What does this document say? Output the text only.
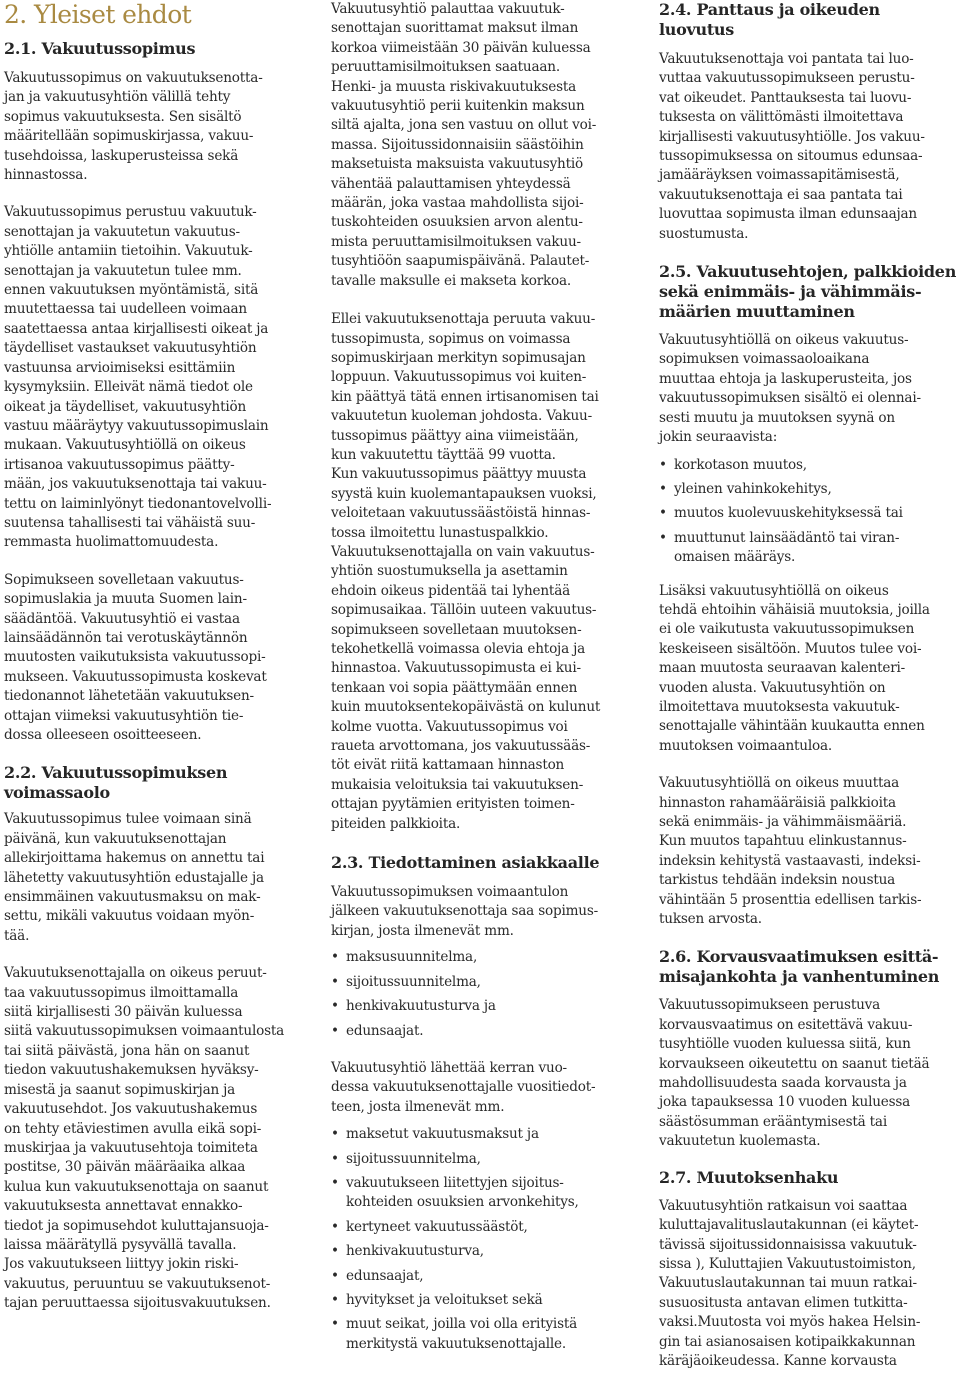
2. Yleiset ehdot
2.1. Vakuutussopimus

Vakuutussopimus on vakuutuksenotta-
jan ja vakuutusyhtiön välillä tehty
sopimus vakuutuksesta. Sen sisältö
määritellään sopimuskirjassa, vakuu-
tusehdoissa, laskuperusteissa sekä
hinnastossa.

Vakuutussopimus perustuu vakuutuk-
senottajan ja vakuutetun vakuutus-
yhtiölle antamiin tietoihin. Vakuutuk-
senottajan ja vakuutetun tulee mm.
ennen vakuutuksen myöntämistä, sitä
muutettaessa tai uudelleen voimaan
saatettaessa antaa kirjallisesti oikeat ja
täydelliset vastaukset vakuutusyhtiön
vastuunsa arvioimiseksi esittämiin
kysymyksiin. Elleivät nämä tiedot ole
oikeat ja täydelliset, vakuutusyhtiön
vastuu määräytyy vakuutussopimuslain
mukaan. Vakuutusyhtiöllä on oikeus
irtisanoa vakuutussopimus päätty-
mään, jos vakuutuksenottaja tai vakuu-
tettu on laiminlyönyt tiedonantovelvolli-
suutensa tahallisesti tai vähäistä suu-
remmasta huolimattomuudesta.

Sopimukseen sovelletaan vakuutus-
sopimuslakia ja muuta Suomen lain-
säädäntöä. Vakuutusyhtiö ei vastaa
lainsäädännön tai verotuskäytännön
muutosten vaikutuksista vakuutussopi-
mukseen. Vakuutussopimusta koskevat
tiedonannot lähetetään vakuutuksen-
ottajan viimeksi vakuutusyhtiön tie-
dossa olleeseen osoitteeseen.

2.2. Vakuutussopimuksen
voimassaolo

Vakuutussopimus tulee voimaan sinä
päivänä, kun vakuutuksenottajan
allekirjoittama hakemus on annettu tai
lähetetty vakuutusyhtiön edustajalle ja
ensimmäinen vakuutusmaksu on mak-
settu, mikäli vakuutus voidaan myön-
tää.

Vakuutuksenottajalla on oikeus peruut-
taa vakuutussopimus ilmoittamalla
siitä kirjallisesti 30 päivän kuluessa
siitä vakuutussopimuksen voimaantulosta
tai siitä päivästä, jona hän on saanut
tiedon vakuutushakemuksen hyväksy-
misestä ja saanut sopimuskirjan ja
vakuutusehdot. Jos vakuutushakemus
on tehty etäviestimen avulla eikä sopi-
muskirjaa ja vakuutusehtoja toimiteta
postitse, 30 päivän määräaika alkaa
kulua kun vakuutuksenottaja on saanut
vakuutuksesta annettavat ennakko-
tiedot ja sopimusehdot kuluttajansuoja-
laissa määrätyllä pysyvällä tavalla.
Jos vakuutukseen liittyy jokin riski-
vakuutus, peruuntuu se vakuutuksenot-
tajan peruuttaessa sijoitusvakuutuksen.

Vakuutusyhtiö palauttaa vakuutuk-
senottajan suorittamat maksut ilman
korkoa viimeistään 30 päivän kuluessa
peruuttamisilmoituksen saatuaan.
Henki- ja muusta riskivakuutuksesta
vakuutusyhtiö perii kuitenkin maksun
siltä ajalta, jona sen vastuu on ollut voi-
massa. Sijoitussidonnaisiin säästöihin
maksetuista maksuista vakuutusyhtiö
vähentää palauttamisen yhteydessä
määrän, joka vastaa mahdollista sijoi-
tuskohteiden osuuksien arvon alentu-
mista peruuttamisilmoituksen vakuu-
tusyhtiöön saapumispäivänä. Palautet-
tavalle maksulle ei makseta korkoa.

Ellei vakuutuksenottaja peruuta vakuu-
tussopimusta, sopimus on voimassa
sopimuskirjaan merkityn sopimusajan
loppuun. Vakuutussopimus voi kuiten-
kin päättyä tätä ennen irtisanomisen tai
vakuutetun kuoleman johdosta. Vakuu-
tussopimus päättyy aina viimeistään,
kun vakuutettu täyttää 99 vuotta.
Kun vakuutussopimus päättyy muusta
syystä kuin kuolemantapauksen vuoksi,
veloitetaan vakuutussäästöistä hinnas-
tossa ilmoitettu lunastuspalkkio.
Vakuutuksenottajalla on vain vakuutus-
yhtiön suostumuksella ja asettamin
ehdoin oikeus pidentää tai lyhentää
sopimusaikaa. Tällöin uuteen vakuutus-
sopimukseen sovelletaan muutoksen-
tekohetkellä voimassa olevia ehtoja ja
hinnastoa. Vakuutussopimusta ei kui-
tenkaan voi sopia päättymään ennen
kuin muutoksentekopäivästä on kulunut
kolme vuotta. Vakuutussopimus voi
raueta arvottomana, jos vakuutussääs-
töt eivät riitä kattamaan hinnaston
mukaisia veloituksia tai vakuutuksen-
ottajan pyytämien erityisten toimen-
piteiden palkkioita.

2.3. Tiedottaminen asiakkaalle

Vakuutussopimuksen voimaantulon
jälkeen vakuutuksenottaja saa sopimus-
kirjan, josta ilmenevät mm.

• maksusuunnitelma,
• sijoitussuunnitelma,
• henkivakuutusturva ja
• edunsaajat.

Vakuutusyhtiö lähettää kerran vuo-
dessa vakuutuksenottajalle vuositiedot-
teen, josta ilmenevät mm.

• maksetut vakuutusmaksut ja
• sijoitussuunnitelma,
• vakuutukseen liitettyjen sijoitus-
kohteiden osuuksien arvonkehitys,
• kertyneet vakuutussäästöt,
• henkivakuutusturva,
• edunsaajat,
• hyvitykset ja veloitukset sekä
• muut seikat, joilla voi olla erityistä
merkitystä vakuutuksenottajalle.
2.4. Panttaus ja oikeuden
luovutus

Vakuutuksenottaja voi pantata tai luo-
vuttaa vakuutussopimukseen perustu-
vat oikeudet. Panttauksesta tai luovu-
tuksesta on välittömästi ilmoitettava
kirjallisesti vakuutusyhtiölle. Jos vakuu-
tussopimuksessa on sitoumus edunsaa-
jamääräyksen voimassapitämisestä,
vakuutuksenottaja ei saa pantata tai
luovuttaa sopimusta ilman edunsaajan
suostumusta.

2.5. Vakuutusehtojen, palkkioiden
sekä enimmäis- ja vähimmäis-
määrien muuttaminen

Vakuutusyhtiöllä on oikeus vakuutus-
sopimuksen voimassaoloaikana
muuttaa ehtoja ja laskuperusteita, jos
vakuutussopimuksen sisältö ei olennai-
sesti muutu ja muutoksen syynä on
jokin seuraavista:

• korkotason muutos,
• yleinen vahinkokehitys,
• muutos kuolevuuskehityksessä tai
• muuttunut lainsäädäntö tai viran-
omaisen määräys.

Lisäksi vakuutusyhtiöllä on oikeus
tehdä ehtoihin vähäisiä muutoksia, joilla
ei ole vaikutusta vakuutussopimuksen
keskeiseen sisältöön. Muutos tulee voi-
maan muutosta seuraavan kalenteri-
vuoden alusta. Vakuutusyhtiön on
ilmoitettava muutoksesta vakuutuk-
senottajalle vähintään kuukautta ennen
muutoksen voimaantuloa.

Vakuutusyhtiöllä on oikeus muuttaa
hinnaston rahamääräisiä palkkioita
sekä enimmäis- ja vähimmäismääriä.
Kun muutos tapahtuu elinkustannus-
indeksin kehitystä vastaavasti, indeksi-
tarkistus tehdään indeksin noustua
vähintään 5 prosenttia edellisen tarkis-
tuksen arvosta.

2.6. Korvausvaatimuksen esittä-
misajankohta ja vanhentuminen

Vakuutussopimukseen perustuva
korvausvaatimus on esitettävä vakuu-
tusyhtiölle vuoden kuluessa siitä, kun
korvaukseen oikeutettu on saanut tietää
mahdollisuudesta saada korvausta ja
joka tapauksessa 10 vuoden kuluessa
säästösumman erääntymisestä tai
vakuutetun kuolemasta.

2.7. Muutoksenhaku

Vakuutusyhtiön ratkaisun voi saattaa
kuluttajavalituslautakunnan (ei käytet-
tävissä sijoitussidonnaisissa vakuutuk-
sissa ), Kuluttajien Vakuutustoimiston,
Vakuutuslautakunnan tai muun ratkai-
susuositusta antavan elimen tutkitta-
vaksi.Muutosta voi myös hakea Helsin-
gin tai asianosaisen kotipaikkakunnan
käräjäoikeudessa. Kanne korvausta
